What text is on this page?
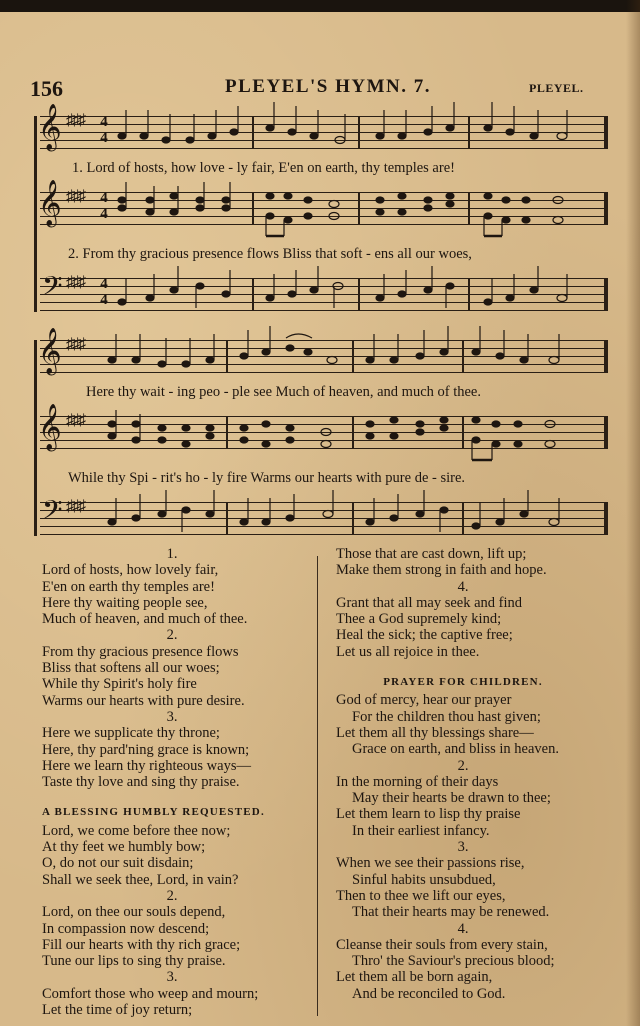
156	PLEYEL'S HYMN. 7.	PLEYEL.
𝄞 ♯♯♯ 4
4
1. Lord of hosts, how love - ly fair, E'en on earth, thy temples are!
𝄞 ♯♯♯ 4
4
2. From thy gracious presence flows Bliss that soft - ens all our woes,
𝄢 ♯♯♯ 4
4
𝄞 ♯♯♯
Here thy wait - ing peo - ple see Much of heaven, and much of thee.
𝄞 ♯♯♯
While thy Spi - rit's ho - ly fire Warms our hearts with pure de - sire.
𝄢 ♯♯♯
1.
Lord of hosts, how lovely fair,
E'en on earth thy temples are!
Here thy waiting people see,
Much of heaven, and much of thee.
2.
From thy gracious presence flows
Bliss that softens all our woes;
While thy Spirit's holy fire
Warms our hearts with pure desire.
3.
Here we supplicate thy throne;
Here, thy pard'ning grace is known;
Here we learn thy righteous ways—
Taste thy love and sing thy praise.
A BLESSING HUMBLY REQUESTED.
Lord, we come before thee now;
At thy feet we humbly bow;
O, do not our suit disdain;
Shall we seek thee, Lord, in vain?
2.
Lord, on thee our souls depend,
In compassion now descend;
Fill our hearts with thy rich grace;
Tune our lips to sing thy praise.
3.
Comfort those who weep and mourn;
Let the time of joy return;
Those that are cast down, lift up;
Make them strong in faith and hope.
4.
Grant that all may seek and find
Thee a God supremely kind;
Heal the sick; the captive free;
Let us all rejoice in thee.
PRAYER FOR CHILDREN.
God of mercy, hear our prayer
For the children thou hast given;
Let them all thy blessings share—
Grace on earth, and bliss in heaven.
2.
In the morning of their days
May their hearts be drawn to thee;
Let them learn to lisp thy praise
In their earliest infancy.
3.
When we see their passions rise,
Sinful habits unsubdued,
Then to thee we lift our eyes,
That their hearts may be renewed.
4.
Cleanse their souls from every stain,
Thro' the Saviour's precious blood;
Let them all be born again,
And be reconciled to God.
